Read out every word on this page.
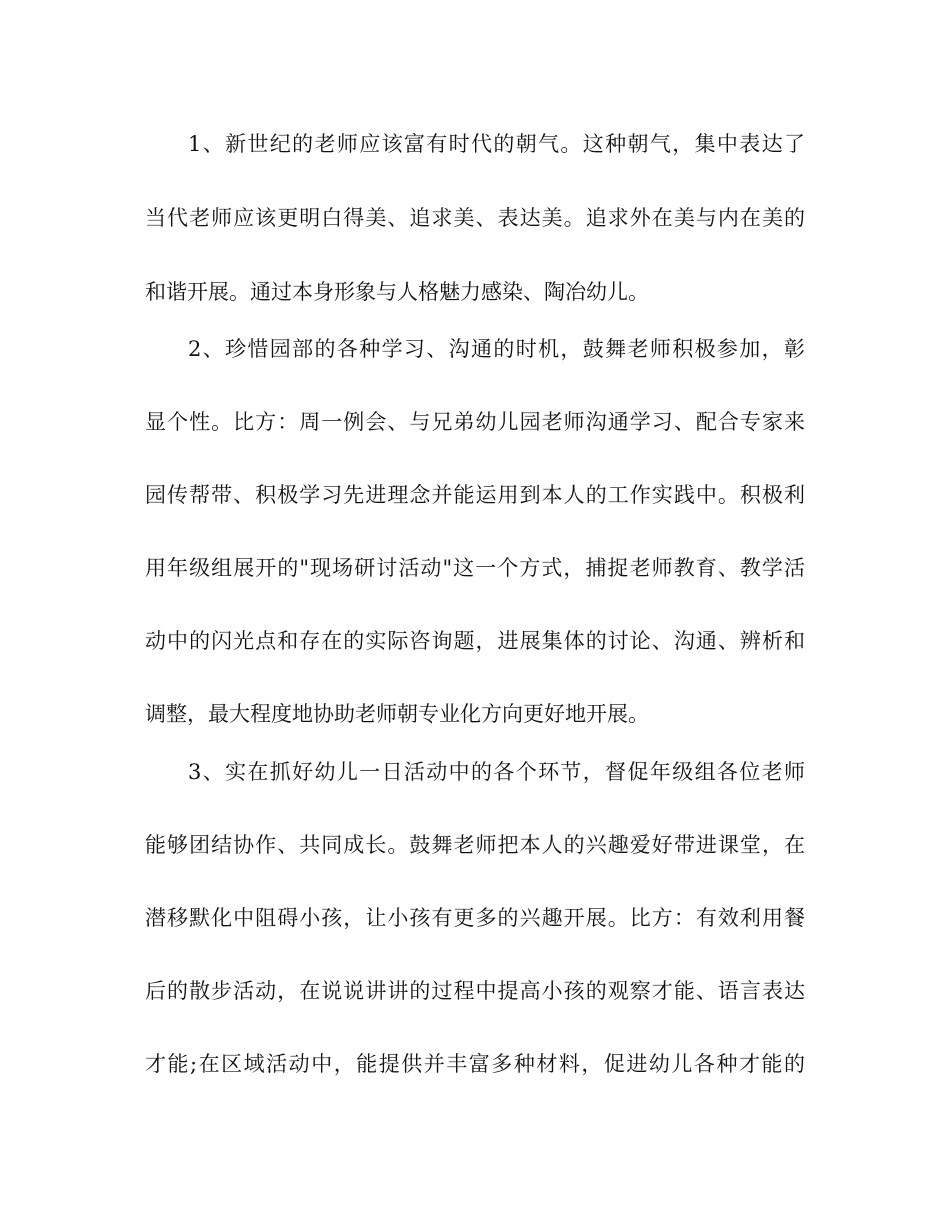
1、新世纪的老师应该富有时代的朝气。这种朝气，集中表达了

当代老师应该更明白得美、追求美、表达美。追求外在美与内在美的

和谐开展。通过本身形象与人格魅力感染、陶冶幼儿。

2、珍惜园部的各种学习、沟通的时机，鼓舞老师积极参加，彰

显个性。比方：周一例会、与兄弟幼儿园老师沟通学习、配合专家来

园传帮带、积极学习先进理念并能运用到本人的工作实践中。积极利

用年级组展开的"现场研讨活动"这一个方式，捕捉老师教育、教学活

动中的闪光点和存在的实际咨询题，进展集体的讨论、沟通、辨析和

调整，最大程度地协助老师朝专业化方向更好地开展。

3、实在抓好幼儿一日活动中的各个环节，督促年级组各位老师

能够团结协作、共同成长。鼓舞老师把本人的兴趣爱好带进课堂，在

潜移默化中阻碍小孩，让小孩有更多的兴趣开展。比方：有效利用餐

后的散步活动，在说说讲讲的过程中提高小孩的观察才能、语言表达

才能;在区域活动中，能提供并丰富多种材料，促进幼儿各种才能的
